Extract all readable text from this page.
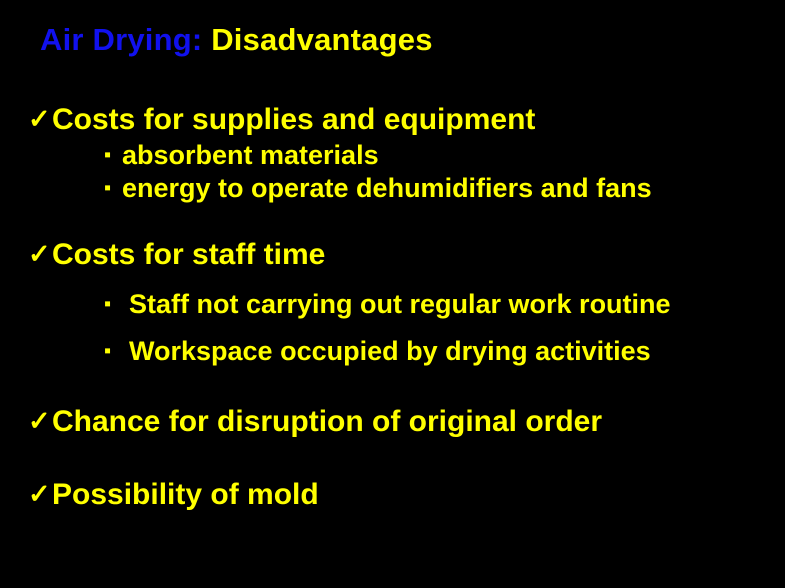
Air Drying: Disadvantages
✓ Costs for supplies and equipment
▪ absorbent materials
▪ energy to operate dehumidifiers and fans
✓ Costs for staff time
▪ Staff not carrying out regular work routine
▪ Workspace occupied by drying activities
✓ Chance for disruption of original order
✓ Possibility of mold
